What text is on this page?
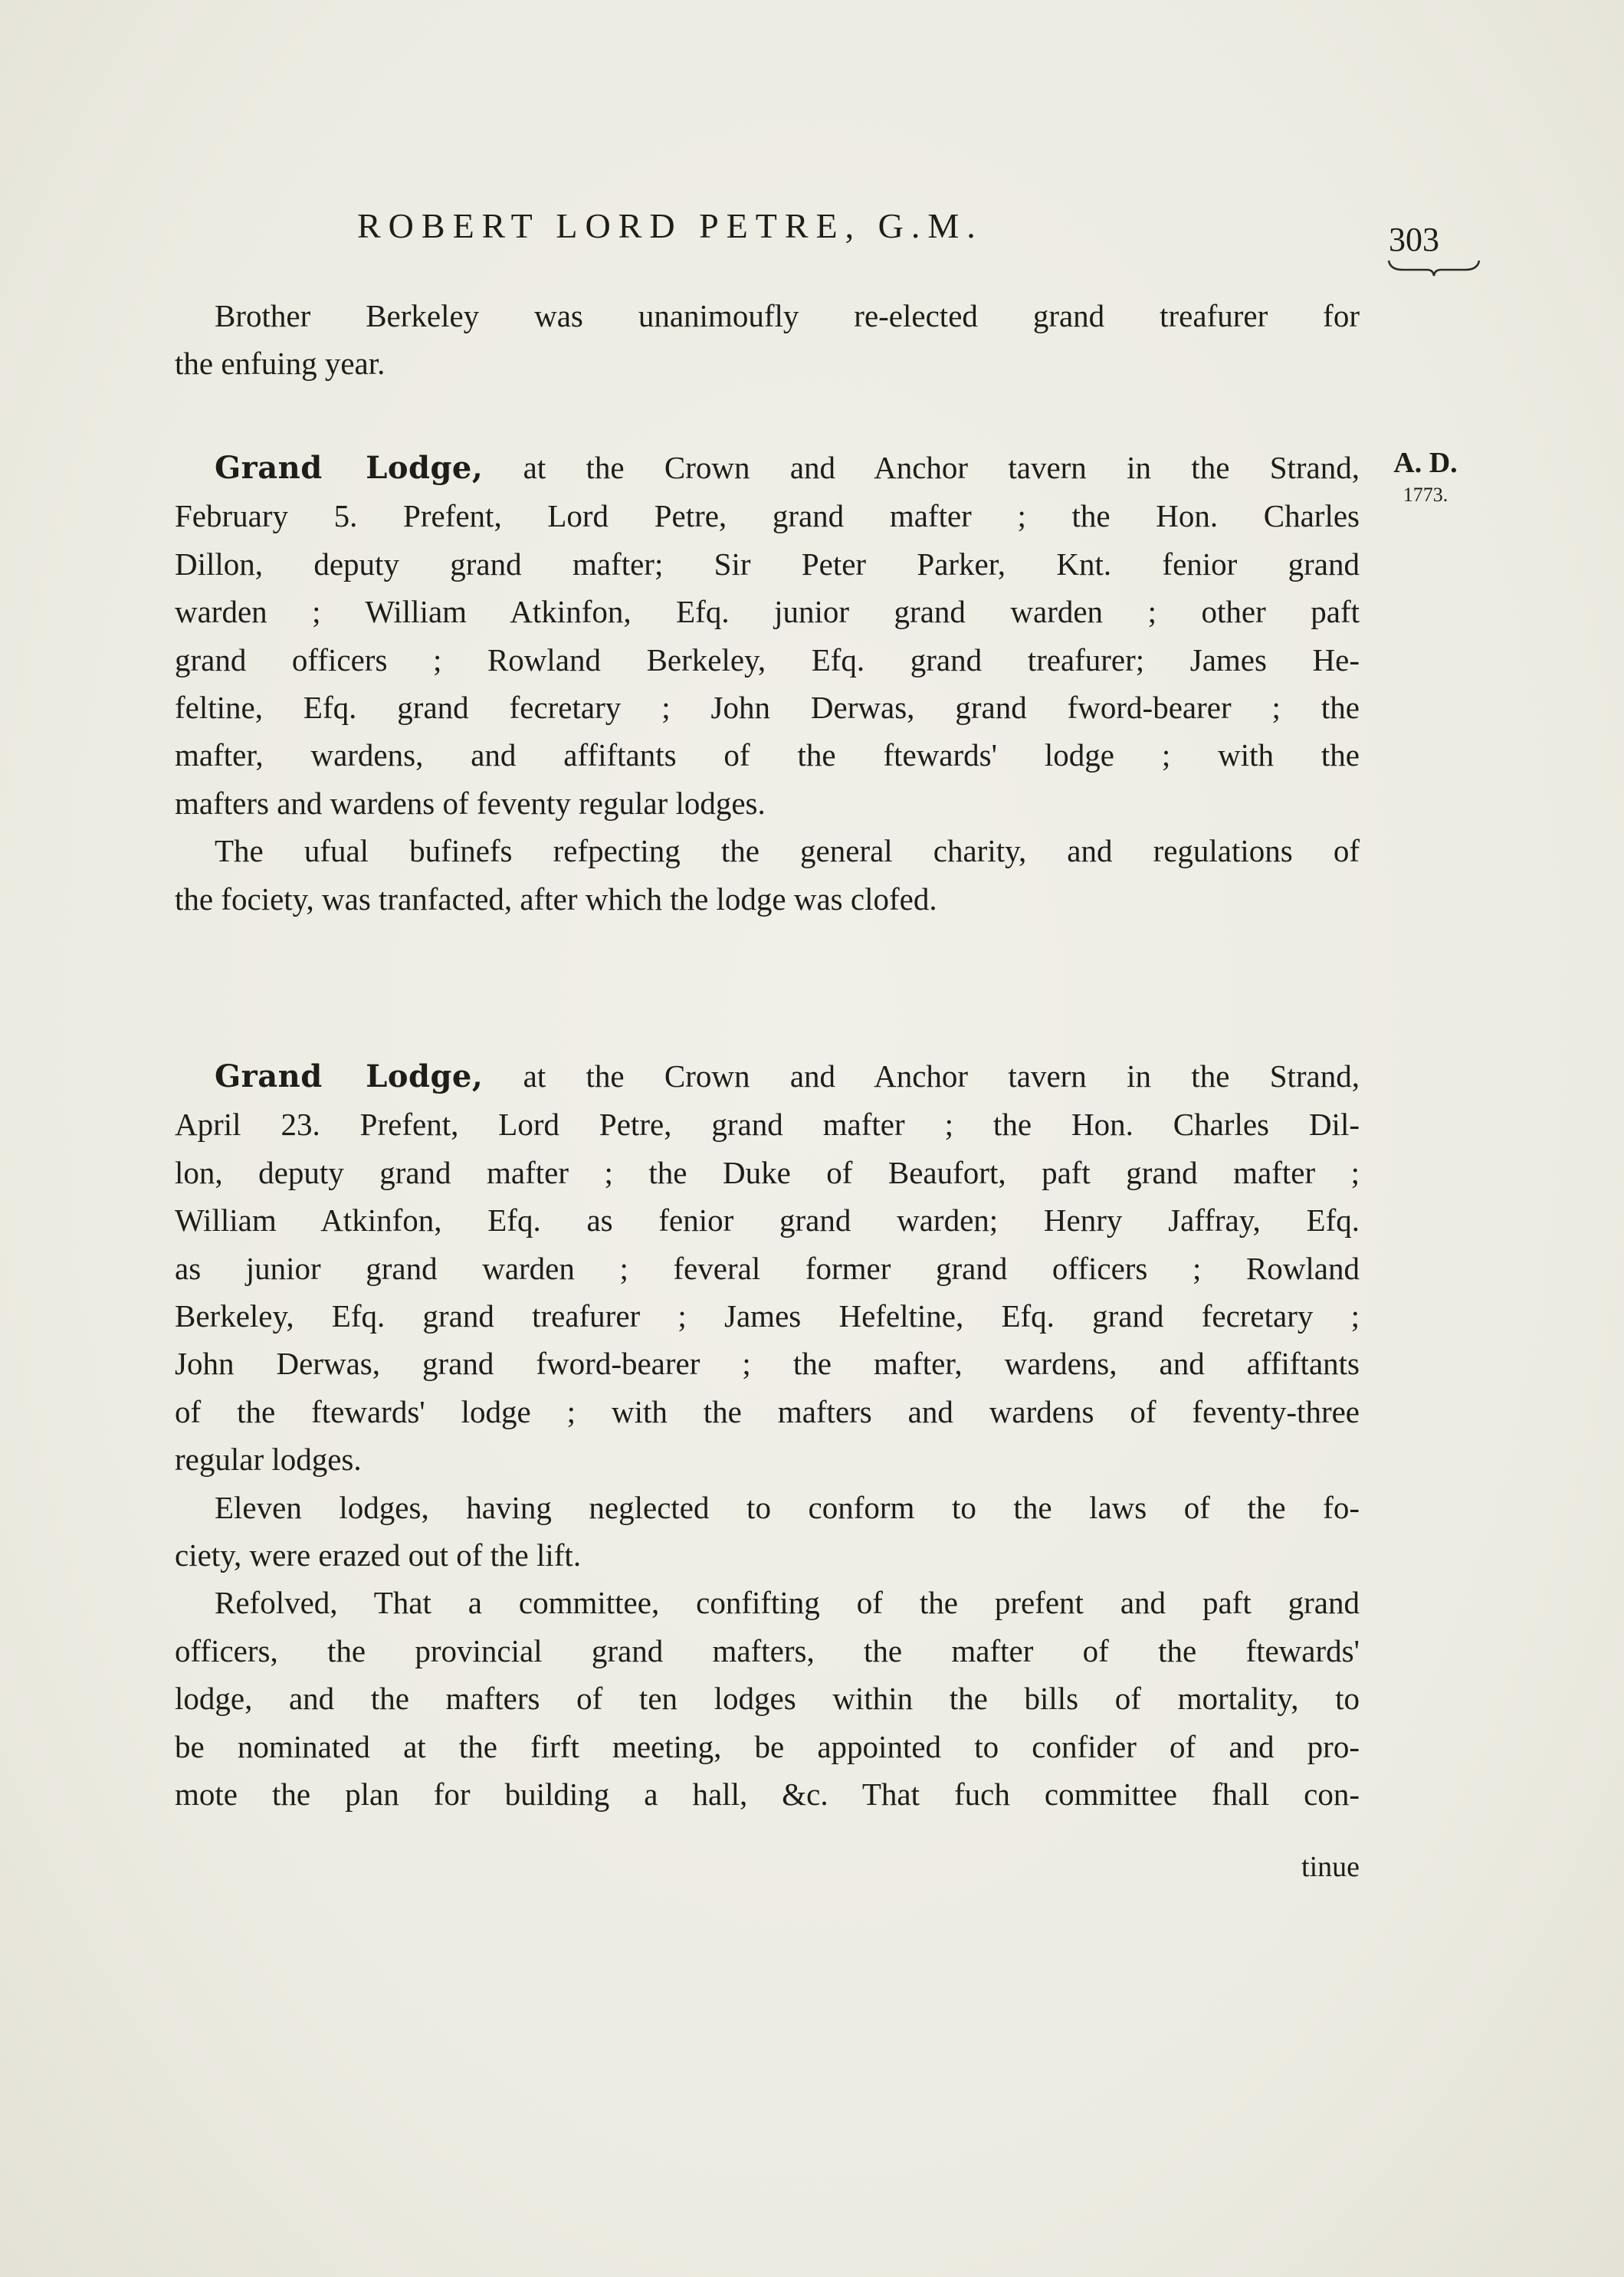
ROBERT LORD PETRE, G.M.	303
A. D.
1773.

Brother Berkeley was unanimoufly re-elected grand treafurer for

the enfuing year.

Grand Lodge, at the Crown and Anchor tavern in the Strand,

February 5. Prefent, Lord Petre, grand mafter ; the Hon. Charles

Dillon, deputy grand mafter; Sir Peter Parker, Knt. fenior grand

warden ; William Atkinfon, Efq. junior grand warden ; other paft

grand officers ; Rowland Berkeley, Efq. grand treafurer; James He-

feltine, Efq. grand fecretary ; John Derwas, grand fword-bearer ; the

mafter, wardens, and affiftants of the ftewards' lodge ; with the

mafters and wardens of feventy regular lodges.

The ufual bufinefs refpecting the general charity, and regulations of

the fociety, was tranfacted, after which the lodge was clofed.

Grand Lodge, at the Crown and Anchor tavern in the Strand,

April 23. Prefent, Lord Petre, grand mafter ; the Hon. Charles Dil-

lon, deputy grand mafter ; the Duke of Beaufort, paft grand mafter ;

William Atkinfon, Efq. as fenior grand warden; Henry Jaffray, Efq.

as junior grand warden ; feveral former grand officers ; Rowland

Berkeley, Efq. grand treafurer ; James Hefeltine, Efq. grand fecretary ;

John Derwas, grand fword-bearer ; the mafter, wardens, and affiftants

of the ftewards' lodge ; with the mafters and wardens of feventy-three

regular lodges.

Eleven lodges, having neglected to conform to the laws of the fo-

ciety, were erazed out of the lift.

Refolved, That a committee, confifting of the prefent and paft grand

officers, the provincial grand mafters, the mafter of the ftewards'

lodge, and the mafters of ten lodges within the bills of mortality, to

be nominated at the firft meeting, be appointed to confider of and pro-

mote the plan for building a hall, &c. That fuch committee fhall con-

tinue
